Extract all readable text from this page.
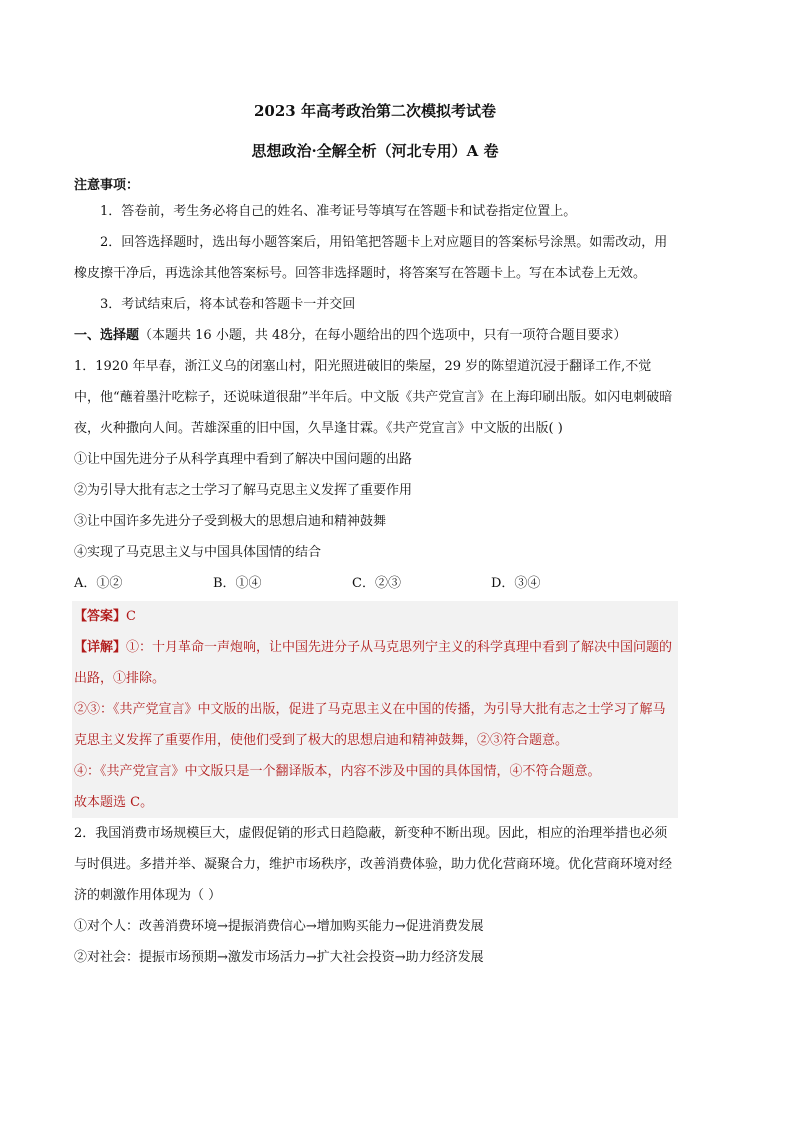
2023 年高考政治第二次模拟考试卷
思想政治·全解全析（河北专用）A 卷
注意事项：

1．答卷前，考生务必将自己的姓名、准考证号等填写在答题卡和试卷指定位置上。

2．回答选择题时，选出每小题答案后，用铅笔把答题卡上对应题目的答案标号涂黑。如需改动，用橡皮擦干净后，再选涂其他答案标号。回答非选择题时，将答案写在答题卡上。写在本试卷上无效。

3．考试结束后，将本试卷和答题卡一并交回

一、选择题（本题共 16 小题，共 48分，在每小题给出的四个选项中，只有一项符合题目要求）

1．1920 年早春，浙江义乌的闭塞山村，阳光照进破旧的柴屋，29 岁的陈望道沉浸于翻译工作,不觉中，他“蘸着墨汁吃粽子，还说味道很甜”半年后。中文版《共产党宣言》在上海印刷出版。如闪电刺破暗夜，火种撒向人间。苦雄深重的旧中国，久旱逢甘霖。《共产党宣言》中文版的出版( )

①让中国先进分子从科学真理中看到了解决中国问题的出路

②为引导大批有志之士学习了解马克思主义发挥了重要作用

③让中国许多先进分子受到极大的思想启迪和精神鼓舞

④实现了马克思主义与中国具体国情的结合

A．①②	B．①④	C．②③	D．③④

【答案】C

【详解】①：十月革命一声炮响，让中国先进分子从马克思列宁主义的科学真理中看到了解决中国问题的出路，①排除。

②③：《共产党宣言》中文版的出版，促进了马克思主义在中国的传播，为引导大批有志之士学习了解马克思主义发挥了重要作用，使他们受到了极大的思想启迪和精神鼓舞，②③符合题意。

④：《共产党宣言》中文版只是一个翻译版本，内容不涉及中国的具体国情，④不符合题意。

故本题选 C。

2．我国消费市场规模巨大，虚假促销的形式日趋隐蔽，新变种不断出现。因此，相应的治理举措也必须与时俱进。多措并举、凝聚合力，维护市场秩序，改善消费体验，助力优化营商环境。优化营商环境对经济的刺激作用体现为（ ）

①对个人：改善消费环境→提振消费信心→增加购买能力→促进消费发展

②对社会：提振市场预期→激发市场活力→扩大社会投资→助力经济发展
